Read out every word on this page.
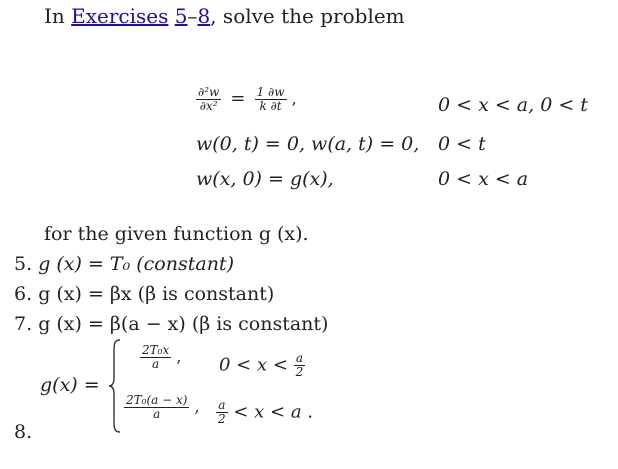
In Exercises 5–8, solve the problem
$\frac{\text{∂²w}}{\text{∂x²}} = \frac{1 \partial w}{k \partial t}$ ,	0 < x < a, 0 < t
w(0, t) = 0, w(a, t) = 0, 0 < t
w(x, 0) = g(x),	0 < x < a
for the given function g (x).
5. g (x) = T₀ (constant)
6. g (x) = βx (β is constant)
7. g (x) = β(a − x) (β is constant)
8.
g(x) =
$\frac{\text{2T₀x}}{a}$ , $0 < x < \frac{a}{2}$
$\frac{\text{2T₀(a − x)}}{a}$ , $\frac{a}{2} < x < a$ .
